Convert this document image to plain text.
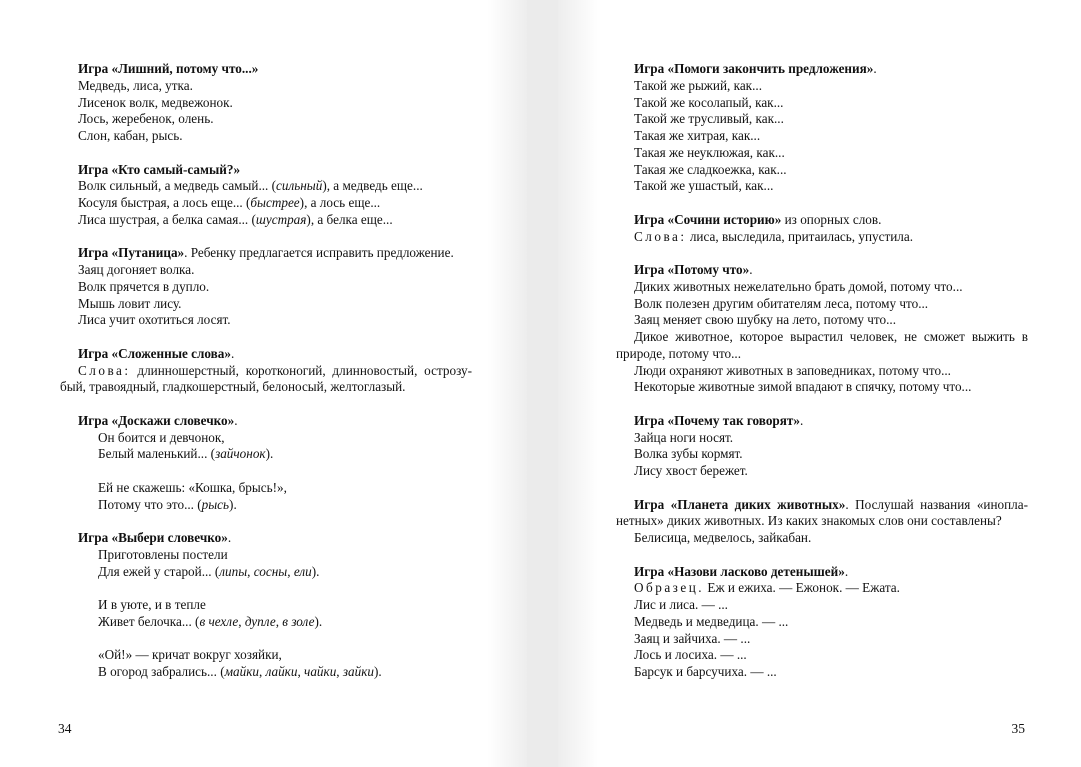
Игра «Лишний, потому что...»
Медведь, лиса, утка.
Лисенок волк, медвежонок.
Лось, жеребенок, олень.
Слон, кабан, рысь.
Игра «Кто самый-самый?»
Волк сильный, а медведь самый... (сильный), а медведь еще...
Косуля быстрая, а лось еще... (быстрее), а лось еще...
Лиса шустрая, а белка самая... (шустрая), а белка еще...
Игра «Путаница». Ребенку предлагается исправить предложение.
Заяц догоняет волка.
Волк прячется в дупло.
Мышь ловит лису.
Лиса учит охотиться лосят.
Игра «Сложенные слова».
Слова: длинношерстный, коротконогий, длинновостый, острозу-бый, травоядный, гладкошерстный, белоносый, желтоглазый.
Игра «Доскажи словечко».
Он боится и девчонок,
Белый маленький... (зайчонок).
Ей не скажешь: «Кошка, брысь!»,
Потому что это... (рысь).
Игра «Выбери словечко».
Приготовлены постели
Для ежей у старой... (липы, сосны, ели).
И в уюте, и в тепле
Живет белочка... (в чехле, дупле, в золе).
«Ой!» — кричат вокруг хозяйки,
В огород забрались... (майки, лайки, чайки, зайки).
34
Игра «Помоги закончить предложения».
Такой же рыжий, как...
Такой же косолапый, как...
Такой же трусливый, как...
Такая же хитрая, как...
Такая же неуклюжая, как...
Такая же сладкоежка, как...
Такой же ушастый, как...
Игра «Сочини историю» из опорных слов.
Слова: лиса, выследила, притаилась, упустила.
Игра «Потому что».
Диких животных нежелательно брать домой, потому что...
Волк полезен другим обитателям леса, потому что...
Заяц меняет свою шубку на лето, потому что...
Дикое животное, которое выраcтил человек, не сможет выжить в природе, потому что...
Люди охраняют животных в заповедниках, потому что...
Некоторые животные зимой впадают в спячку, потому что...
Игра «Почему так говорят».
Зайца ноги носят.
Волка зубы кормят.
Лису хвост бережет.
Игра «Планета диких животных». Послушай названия «инопла-нетных» диких животных. Из каких знакомых слов они составлены?
Белисица, медвелось, зайкабан.
Игра «Назови ласково детенышей».
Образец. Еж и ежиха. — Ежонок. — Ежата.
Лис и лиса. — ...
Медведь и медведица. — ...
Заяц и зайчиха. — ...
Лось и лосиха. — ...
Барсук и барсучиха. — ...
35
